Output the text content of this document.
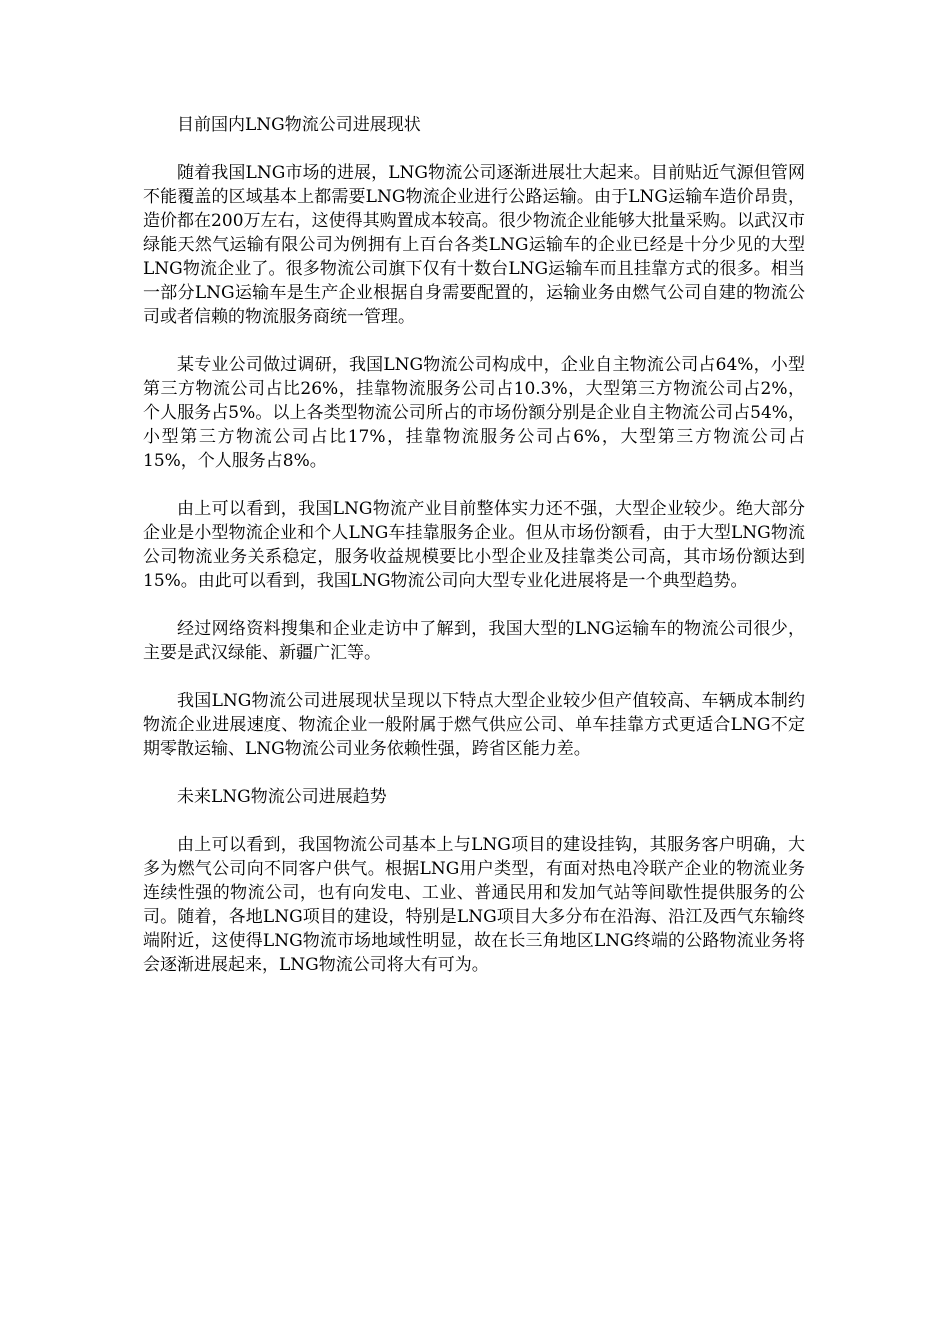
目前国内LNG物流公司进展现状

随着我国LNG市场的进展，LNG物流公司逐渐进展壮大起来。目前贴近气源但管网不能覆盖的区域基本上都需要LNG物流企业进行公路运输。由于LNG运输车造价昂贵，造价都在200万左右，这使得其购置成本较高。很少物流企业能够大批量采购。以武汉市绿能天然气运输有限公司为例拥有上百台各类LNG运输车的企业已经是十分少见的大型LNG物流企业了。很多物流公司旗下仅有十数台LNG运输车而且挂靠方式的很多。相当一部分LNG运输车是生产企业根据自身需要配置的，运输业务由燃气公司自建的物流公司或者信赖的物流服务商统一管理。

某专业公司做过调研，我国LNG物流公司构成中，企业自主物流公司占64%，小型第三方物流公司占比26%，挂靠物流服务公司占10.3%，大型第三方物流公司占2%，个人服务占5%。以上各类型物流公司所占的市场份额分别是企业自主物流公司占54%，小型第三方物流公司占比17%，挂靠物流服务公司占6%，大型第三方物流公司占15%，个人服务占8%。

由上可以看到，我国LNG物流产业目前整体实力还不强，大型企业较少。绝大部分企业是小型物流企业和个人LNG车挂靠服务企业。但从市场份额看，由于大型LNG物流公司物流业务关系稳定，服务收益规模要比小型企业及挂靠类公司高，其市场份额达到15%。由此可以看到，我国LNG物流公司向大型专业化进展将是一个典型趋势。

经过网络资料搜集和企业走访中了解到，我国大型的LNG运输车的物流公司很少，主要是武汉绿能、新疆广汇等。

我国LNG物流公司进展现状呈现以下特点大型企业较少但产值较高、车辆成本制约物流企业进展速度、物流企业一般附属于燃气供应公司、单车挂靠方式更适合LNG不定期零散运输、LNG物流公司业务依赖性强，跨省区能力差。

未来LNG物流公司进展趋势

由上可以看到，我国物流公司基本上与LNG项目的建设挂钩，其服务客户明确，大多为燃气公司向不同客户供气。根据LNG用户类型，有面对热电冷联产企业的物流业务连续性强的物流公司，也有向发电、工业、普通民用和发加气站等间歇性提供服务的公司。随着，各地LNG项目的建设，特别是LNG项目大多分布在沿海、沿江及西气东输终端附近，这使得LNG物流市场地域性明显，故在长三角地区LNG终端的公路物流业务将会逐渐进展起来，LNG物流公司将大有可为。
